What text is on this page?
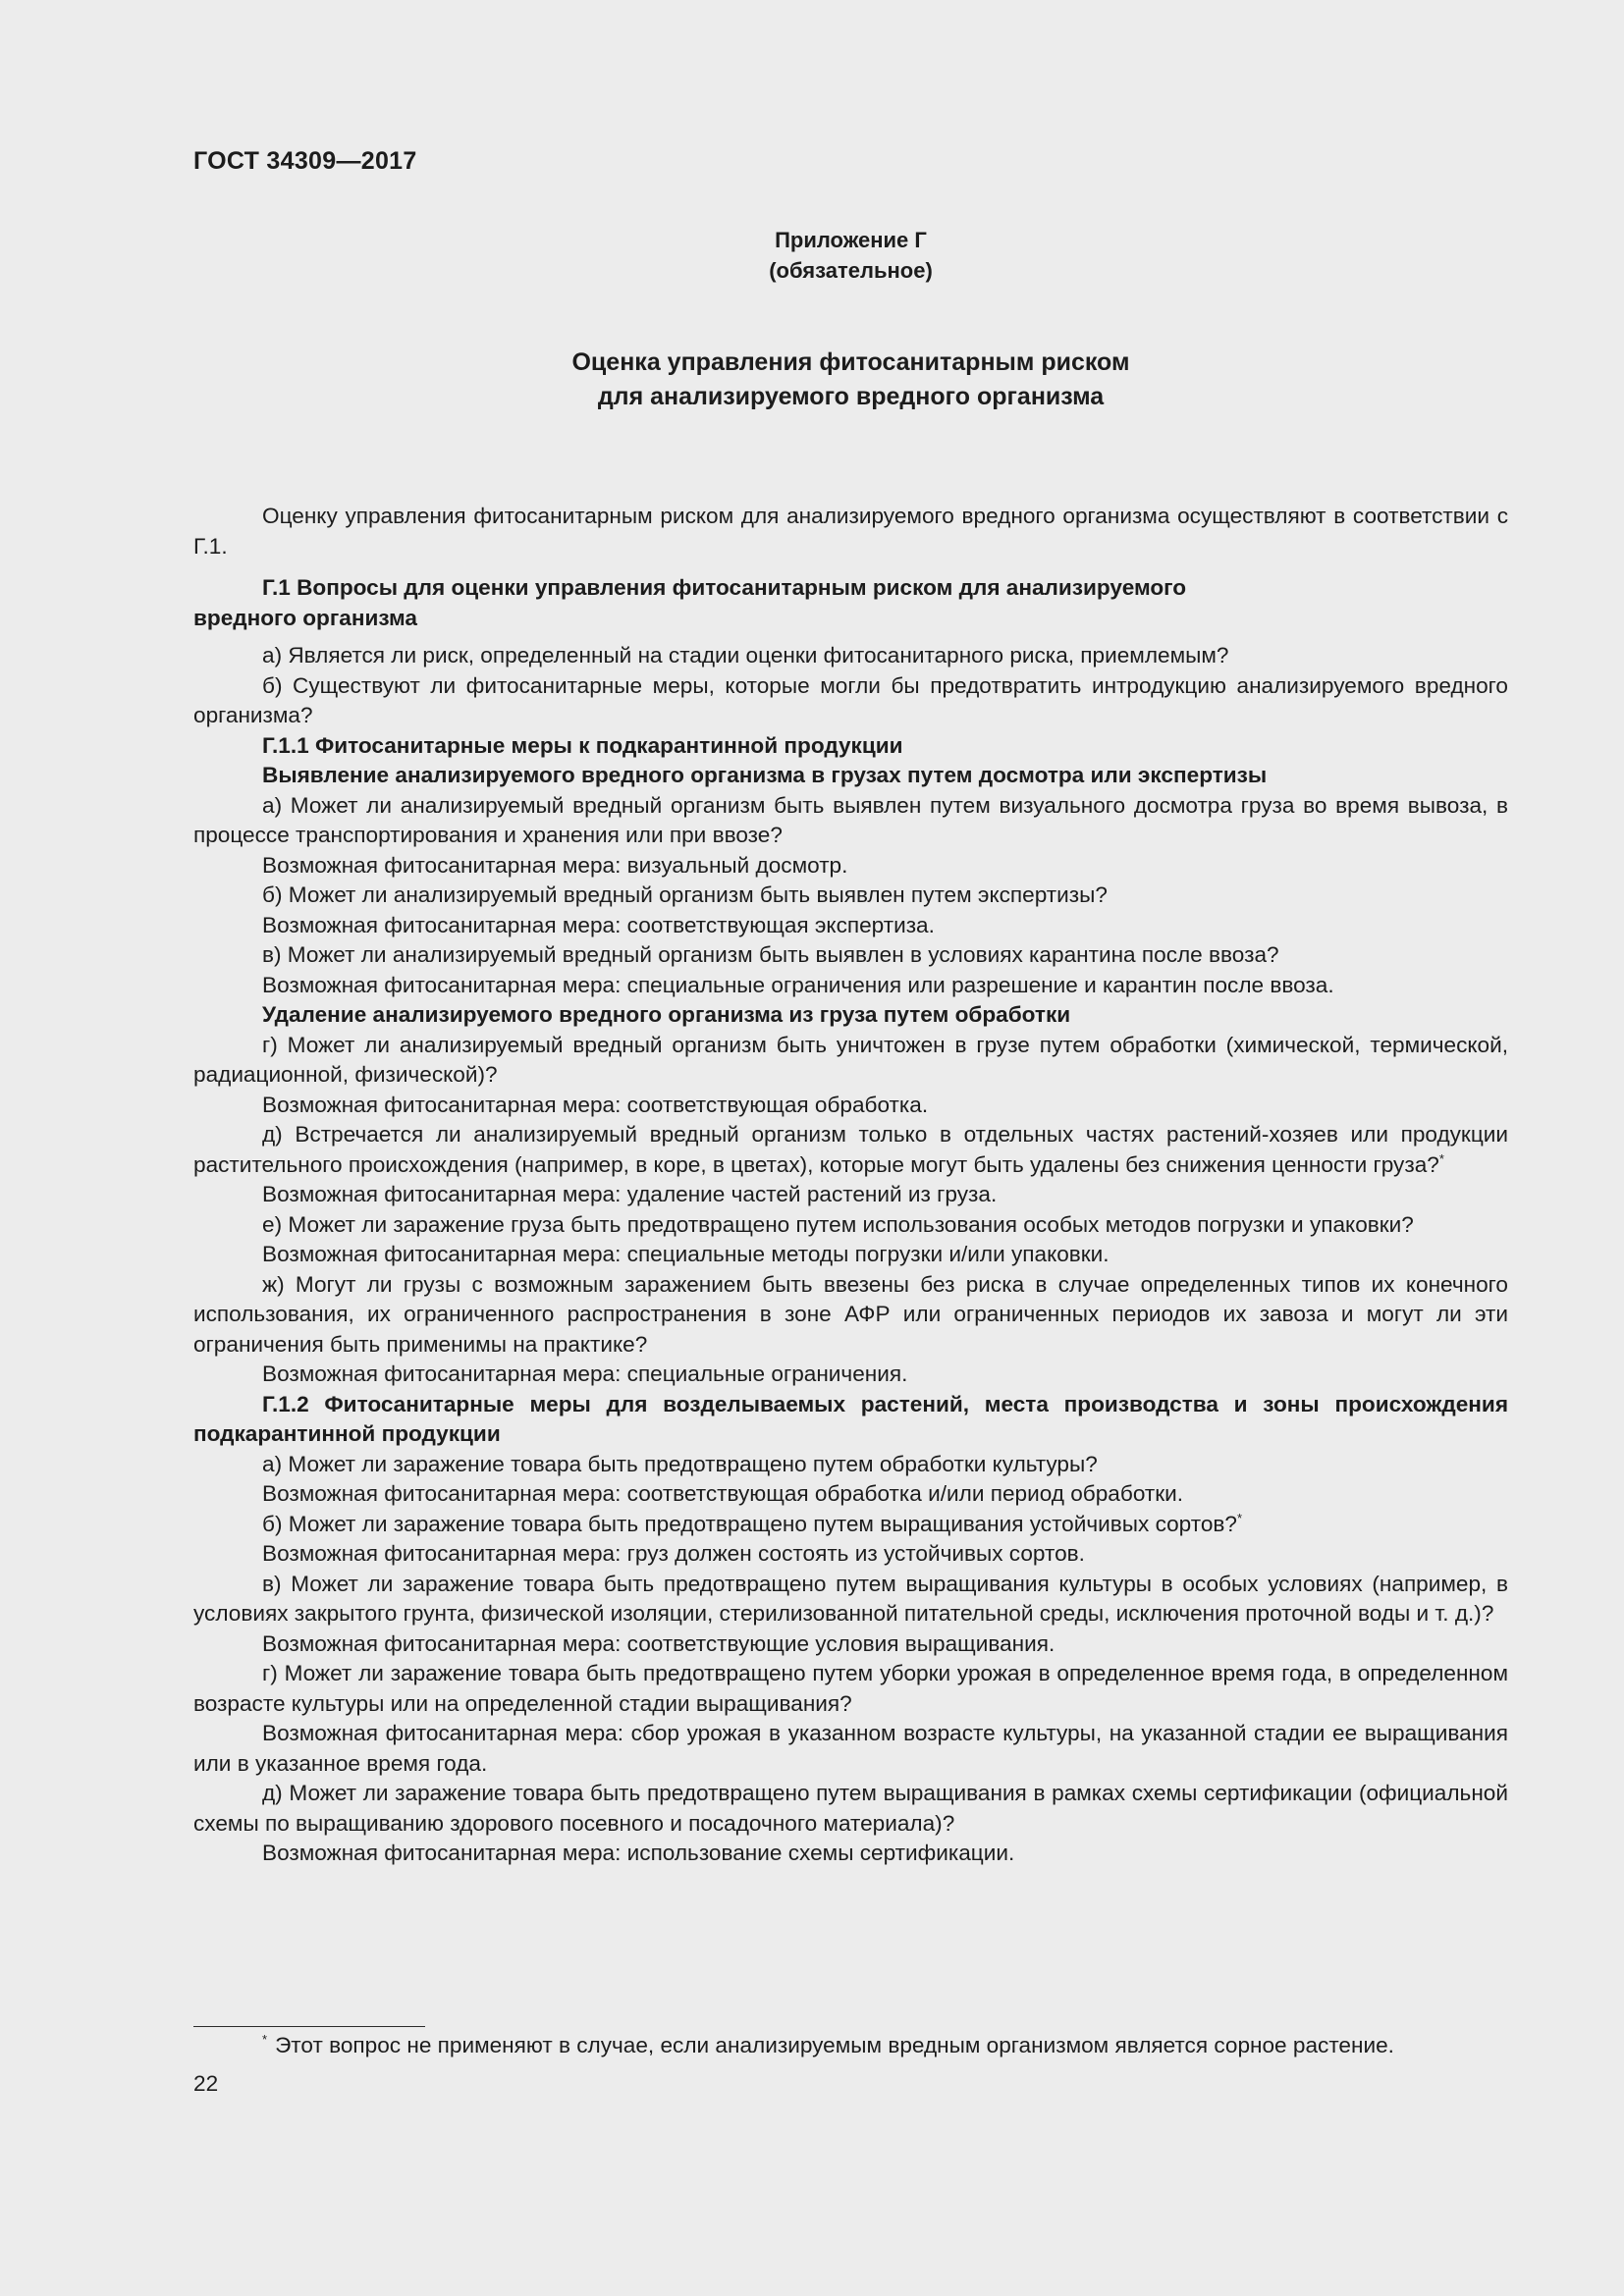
ГОСТ 34309—2017
Приложение Г
(обязательное)
Оценка управления фитосанитарным риском
для анализируемого вредного организма

Оценку управления фитосанитарным риском для анализируемого вредного организма осуществляют в соответствии с Г.1.

Г.1 Вопросы для оценки управления фитосанитарным риском для анализируемого
вредного организма

а) Является ли риск, определенный на стадии оценки фитосанитарного риска, приемлемым?

б) Существуют ли фитосанитарные меры, которые могли бы предотвратить интродукцию анализируемого вредного организма?

Г.1.1 Фитосанитарные меры к подкарантинной продукции

Выявление анализируемого вредного организма в грузах путем досмотра или экспертизы

а) Может ли анализируемый вредный организм быть выявлен путем визуального досмотра груза во время вывоза, в процессе транспортирования и хранения или при ввозе?

Возможная фитосанитарная мера: визуальный досмотр.

б) Может ли анализируемый вредный организм быть выявлен путем экспертизы?

Возможная фитосанитарная мера: соответствующая экспертиза.

в) Может ли анализируемый вредный организм быть выявлен в условиях карантина после ввоза?

Возможная фитосанитарная мера: специальные ограничения или разрешение и карантин после ввоза.

Удаление анализируемого вредного организма из груза путем обработки

г) Может ли анализируемый вредный организм быть уничтожен в грузе путем обработки (химической, термической, радиационной, физической)?

Возможная фитосанитарная мера: соответствующая обработка.

д) Встречается ли анализируемый вредный организм только в отдельных частях растений-хозяев или продукции растительного происхождения (например, в коре, в цветах), которые могут быть удалены без снижения ценности груза?*

Возможная фитосанитарная мера: удаление частей растений из груза.

е) Может ли заражение груза быть предотвращено путем использования особых методов погрузки и упаковки?

Возможная фитосанитарная мера: специальные методы погрузки и/или упаковки.

ж) Могут ли грузы с возможным заражением быть ввезены без риска в случае определенных типов их конечного использования, их ограниченного распространения в зоне АФР или ограниченных периодов их завоза и могут ли эти ограничения быть применимы на практике?

Возможная фитосанитарная мера: специальные ограничения.

Г.1.2 Фитосанитарные меры для возделываемых растений, места производства и зоны происхождения подкарантинной продукции

а) Может ли заражение товара быть предотвращено путем обработки культуры?

Возможная фитосанитарная мера: соответствующая обработка и/или период обработки.

б) Может ли заражение товара быть предотвращено путем выращивания устойчивых сортов?*

Возможная фитосанитарная мера: груз должен состоять из устойчивых сортов.

в) Может ли заражение товара быть предотвращено путем выращивания культуры в особых условиях (например, в условиях закрытого грунта, физической изоляции, стерилизованной питательной среды, исключения проточной воды и т. д.)?

Возможная фитосанитарная мера: соответствующие условия выращивания.

г) Может ли заражение товара быть предотвращено путем уборки урожая в определенное время года, в определенном возрасте культуры или на определенной стадии выращивания?

Возможная фитосанитарная мера: сбор урожая в указанном возрасте культуры, на указанной стадии ее выращивания или в указанное время года.

д) Может ли заражение товара быть предотвращено путем выращивания в рамках схемы сертификации (официальной схемы по выращиванию здорового посевного и посадочного материала)?

Возможная фитосанитарная мера: использование схемы сертификации.

* Этот вопрос не применяют в случае, если анализируемым вредным организмом является сорное растение.
22
